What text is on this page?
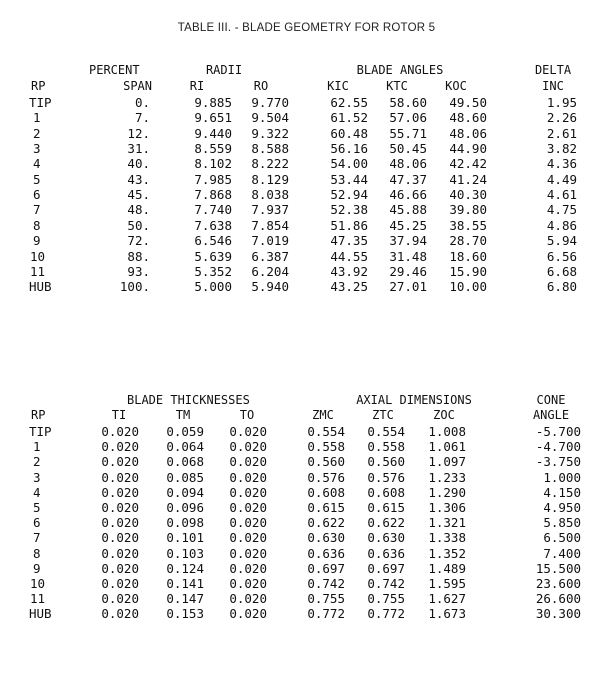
TABLE III. - BLADE GEOMETRY FOR ROTOR 5
PERCENT	RADII	BLADE ANGLES	DELTA
RP	SPAN	RI	RO	KIC	KTC	KOC	INC
TIP	0.	9.885 9.770	62.55 58.60 49.50	1.95
1	7.	9.651 9.504	61.52 57.06 48.60	2.26
2	12.	9.440 9.322	60.48 55.71 48.06	2.61
3	31.	8.559 8.588	56.16 50.45 44.90	3.82
4	40.	8.102 8.222	54.00 48.06 42.42	4.36
5	43.	7.985 8.129	53.44 47.37 41.24	4.49
6	45.	7.868 8.038	52.94 46.66 40.30	4.61
7	48.	7.740 7.937	52.38 45.88 39.80	4.75
8	50.	7.638 7.854	51.86 45.25 38.55	4.86
9	72.	6.546 7.019	47.35 37.94 28.70	5.94
10	88.	5.639 6.387	44.55 31.48 18.60	6.56
11	93.	5.352 6.204	43.92 29.46 15.90	6.68
HUB	100.	5.000 5.940	43.25 27.01 10.00	6.80
BLADE THICKNESSES	AXIAL DIMENSIONS	CONE
RP	TI	TM	TO	ZMC	ZTC	ZOC	ANGLE
TIP	0.020 0.059 0.020	0.554 0.554 1.008	-5.700
1	0.020 0.064 0.020	0.558 0.558 1.061	-4.700
2	0.020 0.068 0.020	0.560 0.560 1.097	-3.750
3	0.020 0.085 0.020	0.576 0.576 1.233	1.000
4	0.020 0.094 0.020	0.608 0.608 1.290	4.150
5	0.020 0.096 0.020	0.615 0.615 1.306	4.950
6	0.020 0.098 0.020	0.622 0.622 1.321	5.850
7	0.020 0.101 0.020	0.630 0.630 1.338	6.500
8	0.020 0.103 0.020	0.636 0.636 1.352	7.400
9	0.020 0.124 0.020	0.697 0.697 1.489	15.500
10	0.020 0.141 0.020	0.742 0.742 1.595	23.600
11	0.020 0.147 0.020	0.755 0.755 1.627	26.600
HUB	0.020 0.153 0.020	0.772 0.772 1.673	30.300
